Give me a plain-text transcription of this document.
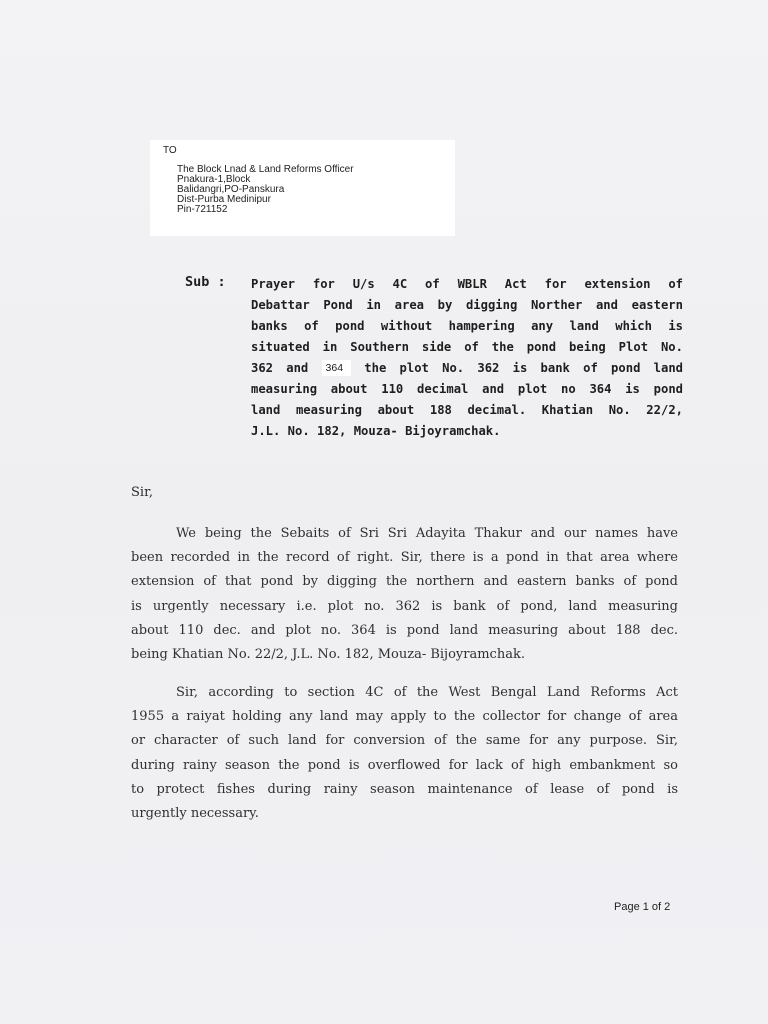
TO
The Block Lnad & Land Reforms Officer
Pnakura-1,Block
Balidangri,PO-Panskura
Dist-Purba Medinipur
Pin-721152
Sub : Prayer for U/s 4C of WBLR Act for extension of
Debattar Pond in area by digging Norther and eastern
banks of pond without hampering any land which is
situated in Southern side of the pond being Plot No.
362 and 364 the plot No. 362 is bank of pond land
measuring about 110 decimal and plot no 364 is pond
land measuring about 188 decimal. Khatian No. 22/2,
J.L. No. 182, Mouza- Bijoyramchak.
Sir,
We being the Sebaits of Sri Sri Adayita Thakur and our names have
been recorded in the record of right. Sir, there is a pond in that area where
extension of that pond by digging the northern and eastern banks of pond
is urgently necessary i.e. plot no. 362 is bank of pond, land measuring
about 110 dec. and plot no. 364 is pond land measuring about 188 dec.
being Khatian No. 22/2, J.L. No. 182, Mouza- Bijoyramchak.
Sir, according to section 4C of the West Bengal Land Reforms Act
1955 a raiyat holding any land may apply to the collector for change of area
or character of such land for conversion of the same for any purpose. Sir,
during rainy season the pond is overflowed for lack of high embankment so
to protect fishes during rainy season maintenance of lease of pond is
urgently necessary.
Page 1 of 2
